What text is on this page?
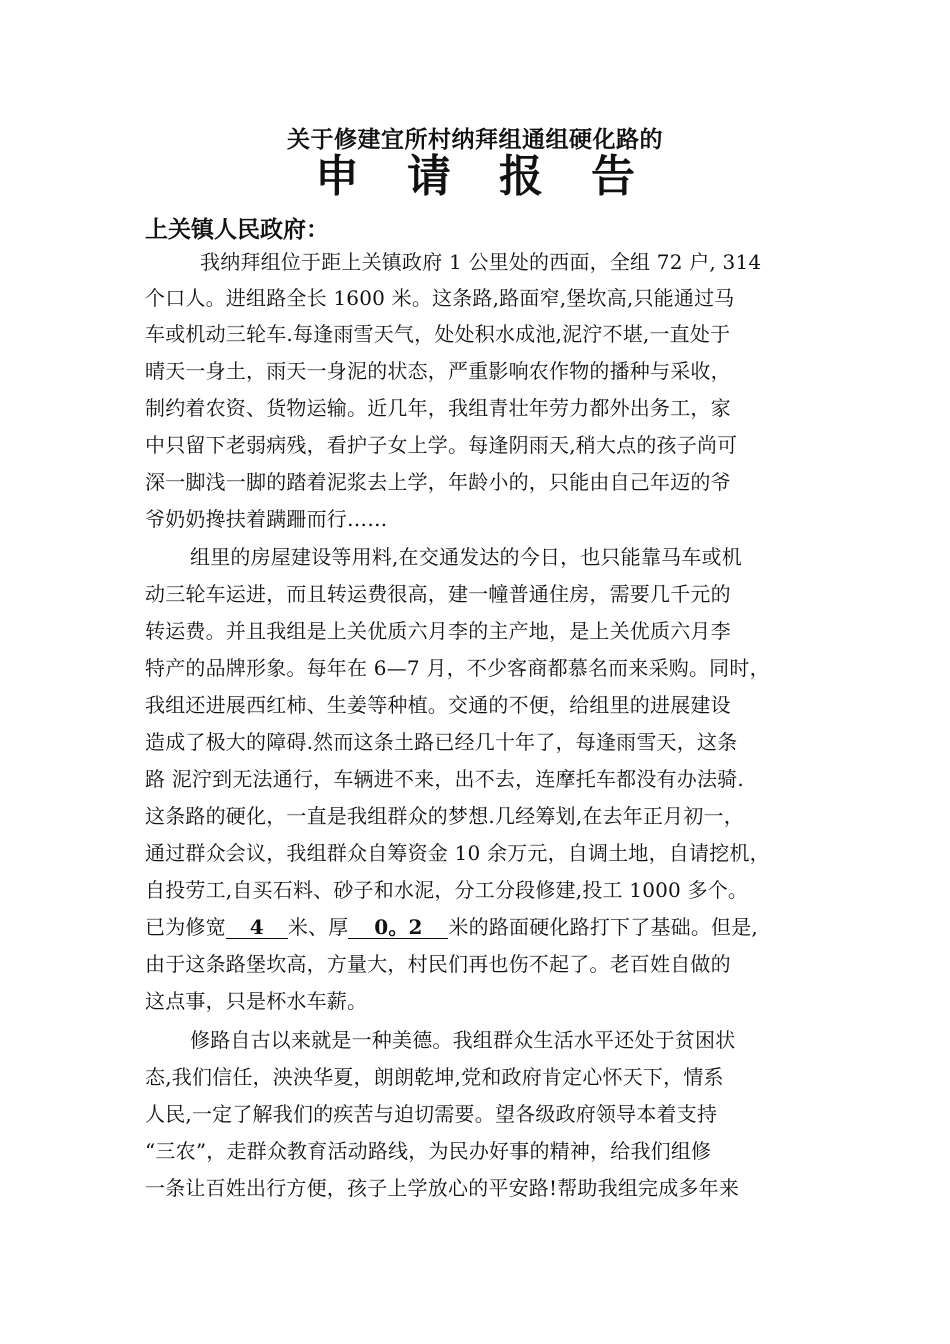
关于修建宜所村纳拜组通组硬化路的
申 请 报 告
上关镇人民政府：
我纳拜组位于距上关镇政府 1 公里处的西面，全组 72 户, 314
个口人。进组路全长 1600 米。这条路,路面窄,堡坎高,只能通过马
车或机动三轮车.每逢雨雪天气，处处积水成池,泥泞不堪,一直处于
晴天一身土，雨天一身泥的状态，严重影响农作物的播种与采收，
制约着农资、货物运输。近几年，我组青壮年劳力都外出务工，家
中只留下老弱病残，看护子女上学。每逢阴雨天,稍大点的孩子尚可
深一脚浅一脚的踏着泥浆去上学，年龄小的，只能由自己年迈的爷
爷奶奶搀扶着蹒跚而行……
组里的房屋建设等用料,在交通发达的今日，也只能靠马车或机
动三轮车运进，而且转运费很高，建一幢普通住房，需要几千元的
转运费。并且我组是上关优质六月李的主产地，是上关优质六月李
特产的品牌形象。每年在 6—7 月，不少客商都慕名而来采购。同时，
我组还进展西红柿、生姜等种植。交通的不便，给组里的进展建设
造成了极大的障碍.然而这条土路已经几十年了，每逢雨雪天，这条
路 泥泞到无法通行，车辆进不来，出不去，连摩托车都没有办法骑.
这条路的硬化，一直是我组群众的梦想.几经筹划,在去年正月初一，
通过群众会议，我组群众自筹资金 10 余万元，自调土地，自请挖机，
自投劳工,自买石料、砂子和水泥，分工分段修建,投工 1000 多个。
已为修宽 4 米、厚 0。2 米的路面硬化路打下了基础。但是,
由于这条路堡坎高，方量大，村民们再也伤不起了。老百姓自做的
这点事，只是杯水车薪。
修路自古以来就是一种美德。我组群众生活水平还处于贫困状
态,我们信任，泱泱华夏，朗朗乾坤,党和政府肯定心怀天下，情系
人民,一定了解我们的疾苦与迫切需要。望各级政府领导本着支持
“三农”，走群众教育活动路线，为民办好事的精神，给我们组修
一条让百姓出行方便，孩子上学放心的平安路!帮助我组完成多年来
